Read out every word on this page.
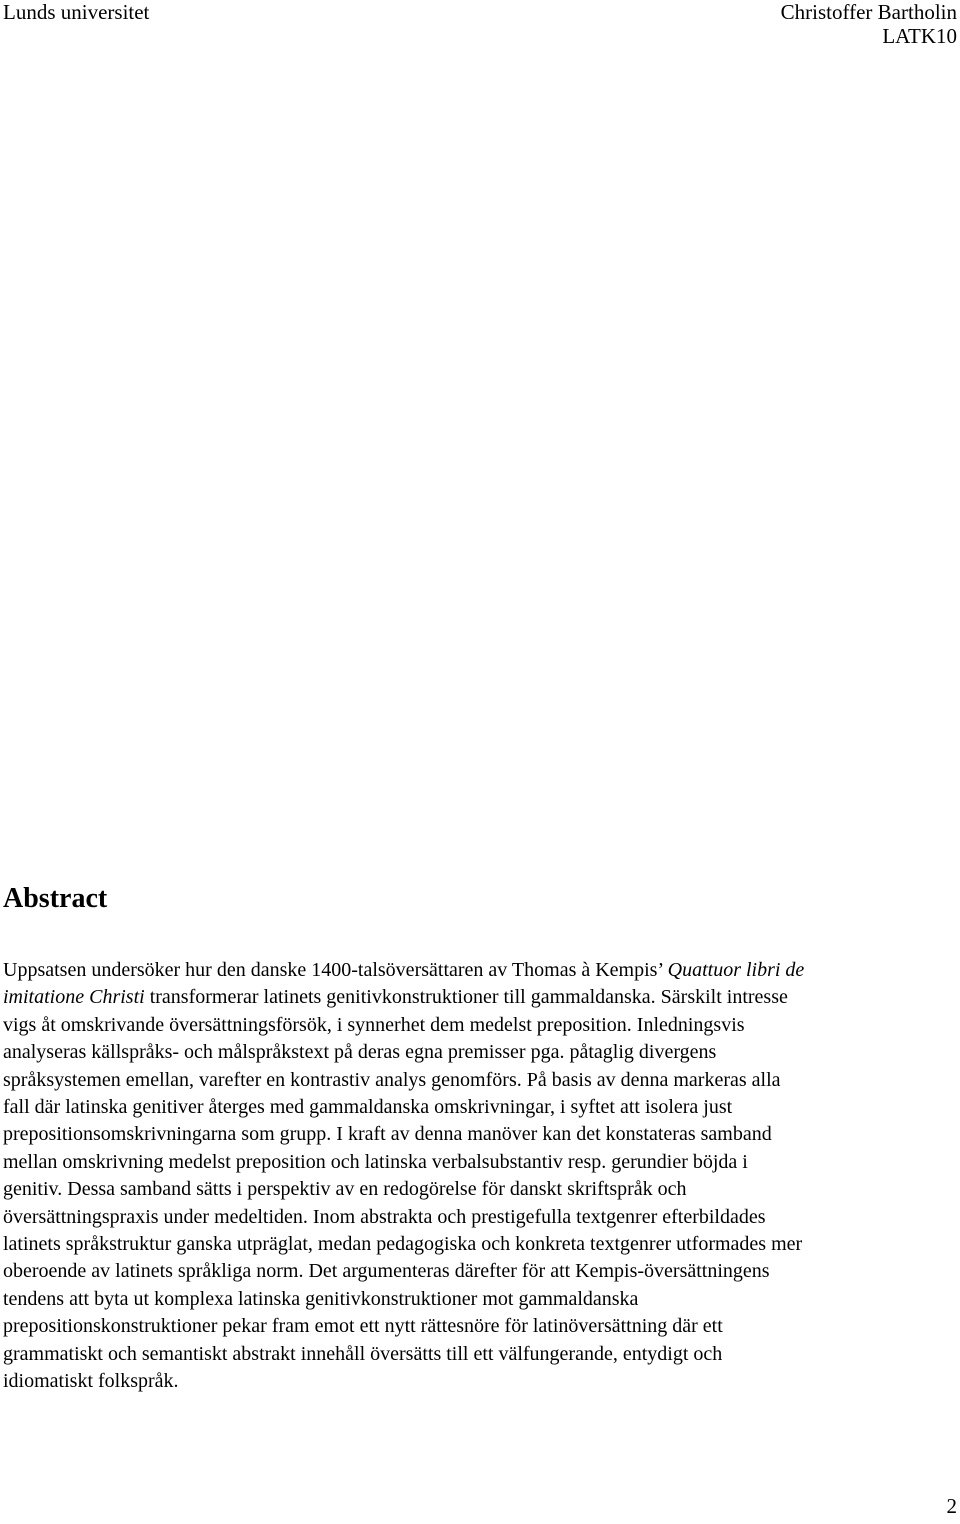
Lunds universitet	Christoffer Bartholin
LATK10
Abstract
Uppsatsen undersöker hur den danske 1400-talsöversättaren av Thomas à Kempis’ Quattuor libri de
imitatione Christi transformerar latinets genitivkonstruktioner till gammaldanska. Särskilt intresse
vigs åt omskrivande översättningsförsök, i synnerhet dem medelst preposition. Inledningsvis
analyseras källspråks- och målspråkstext på deras egna premisser pga. påtaglig divergens
språksystemen emellan, varefter en kontrastiv analys genomförs. På basis av denna markeras alla
fall där latinska genitiver återges med gammaldanska omskrivningar, i syftet att isolera just
prepositionsomskrivningarna som grupp. I kraft av denna manöver kan det konstateras samband
mellan omskrivning medelst preposition och latinska verbalsubstantiv resp. gerundier böjda i
genitiv. Dessa samband sätts i perspektiv av en redogörelse för danskt skriftspråk och
översättningspraxis under medeltiden. Inom abstrakta och prestigefulla textgenrer efterbildades
latinets språkstruktur ganska utpräglat, medan pedagogiska och konkreta textgenrer utformades mer
oberoende av latinets språkliga norm. Det argumenteras därefter för att Kempis-översättningens
tendens att byta ut komplexa latinska genitivkonstruktioner mot gammaldanska
prepositionskonstruktioner pekar fram emot ett nytt rättesnöre för latinöversättning där ett
grammatiskt och semantiskt abstrakt innehåll översätts till ett välfungerande, entydigt och
idiomatiskt folkspråk.
2
